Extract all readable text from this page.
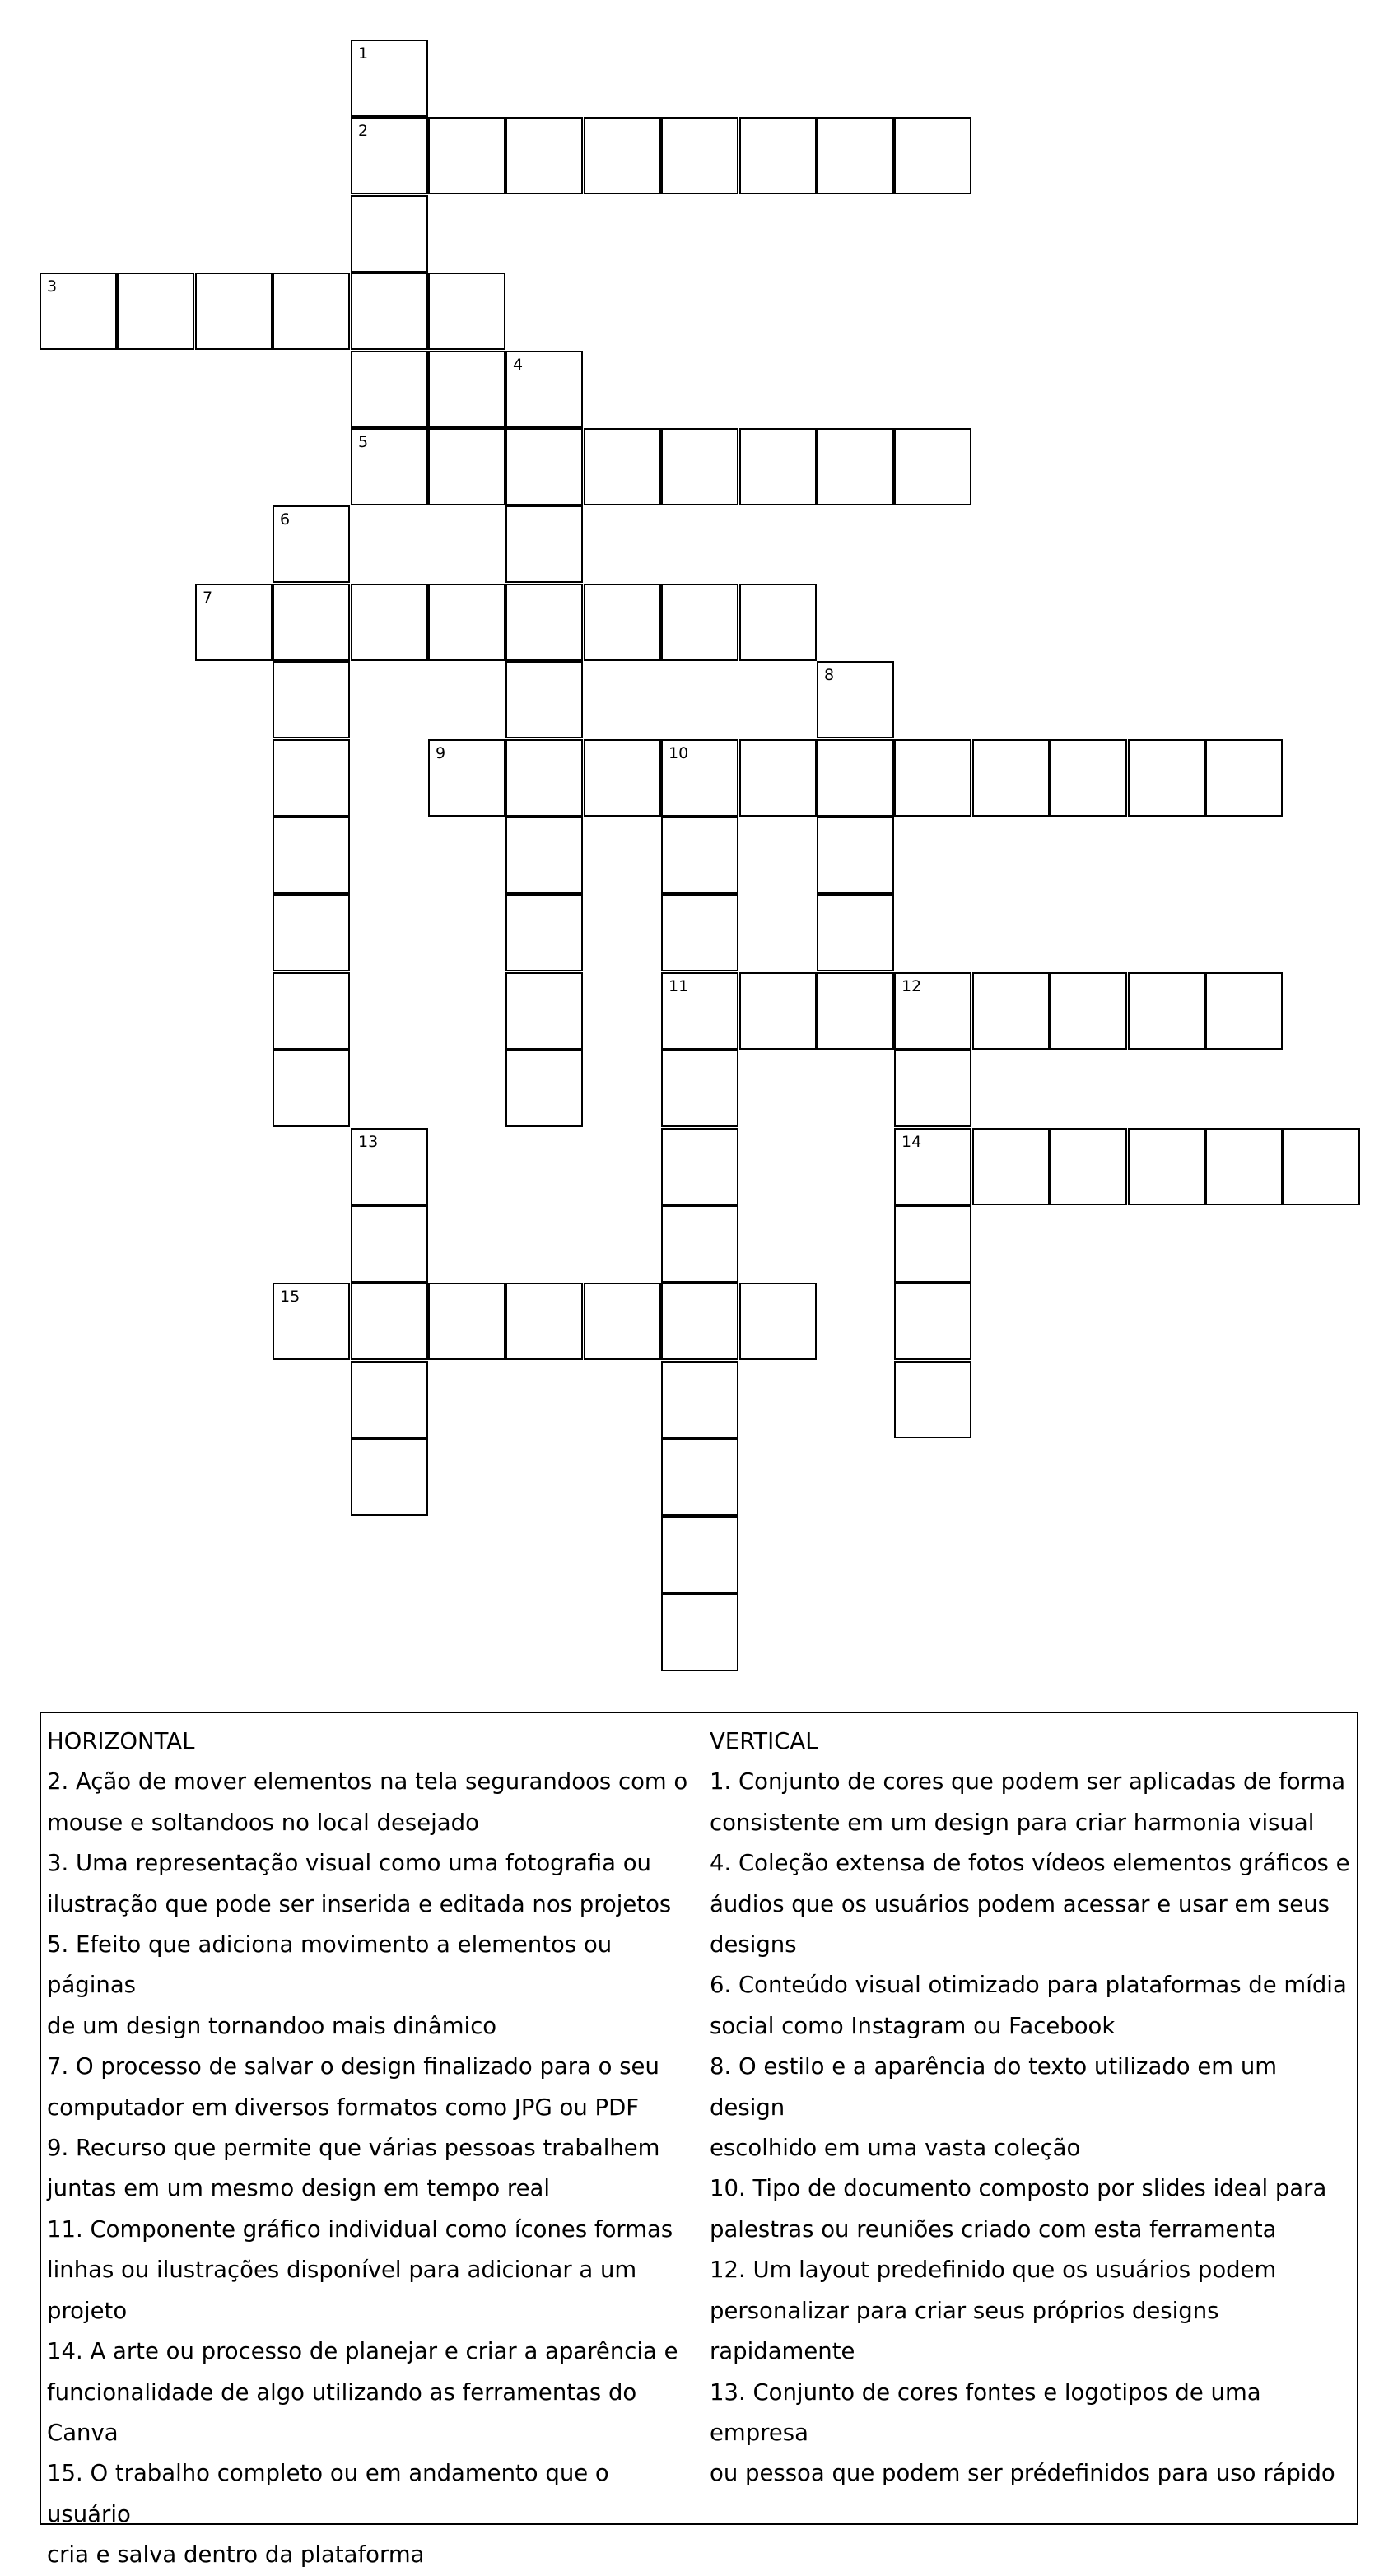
1
2
3
4
5
6
7
8
9	10
11	12
13	14
15
HORIZONTAL
2. Ação de mover elementos na tela segurandoos com o
mouse e soltandoos no local desejado
3. Uma representação visual como uma fotografia ou
ilustração que pode ser inserida e editada nos projetos
5. Efeito que adiciona movimento a elementos ou páginas
de um design tornandoo mais dinâmico
7. O processo de salvar o design finalizado para o seu
computador em diversos formatos como JPG ou PDF
9. Recurso que permite que várias pessoas trabalhem
juntas em um mesmo design em tempo real
11. Componente gráfico individual como ícones formas
linhas ou ilustrações disponível para adicionar a um
projeto
14. A arte ou processo de planejar e criar a aparência e
funcionalidade de algo utilizando as ferramentas do
Canva
15. O trabalho completo ou em andamento que o usuário
cria e salva dentro da plataforma
VERTICAL
1. Conjunto de cores que podem ser aplicadas de forma
consistente em um design para criar harmonia visual
4. Coleção extensa de fotos vídeos elementos gráficos e
áudios que os usuários podem acessar e usar em seus
designs
6. Conteúdo visual otimizado para plataformas de mídia
social como Instagram ou Facebook
8. O estilo e a aparência do texto utilizado em um design
escolhido em uma vasta coleção
10. Tipo de documento composto por slides ideal para
palestras ou reuniões criado com esta ferramenta
12. Um layout predefinido que os usuários podem
personalizar para criar seus próprios designs
rapidamente
13. Conjunto de cores fontes e logotipos de uma empresa
ou pessoa que podem ser prédefinidos para uso rápido
